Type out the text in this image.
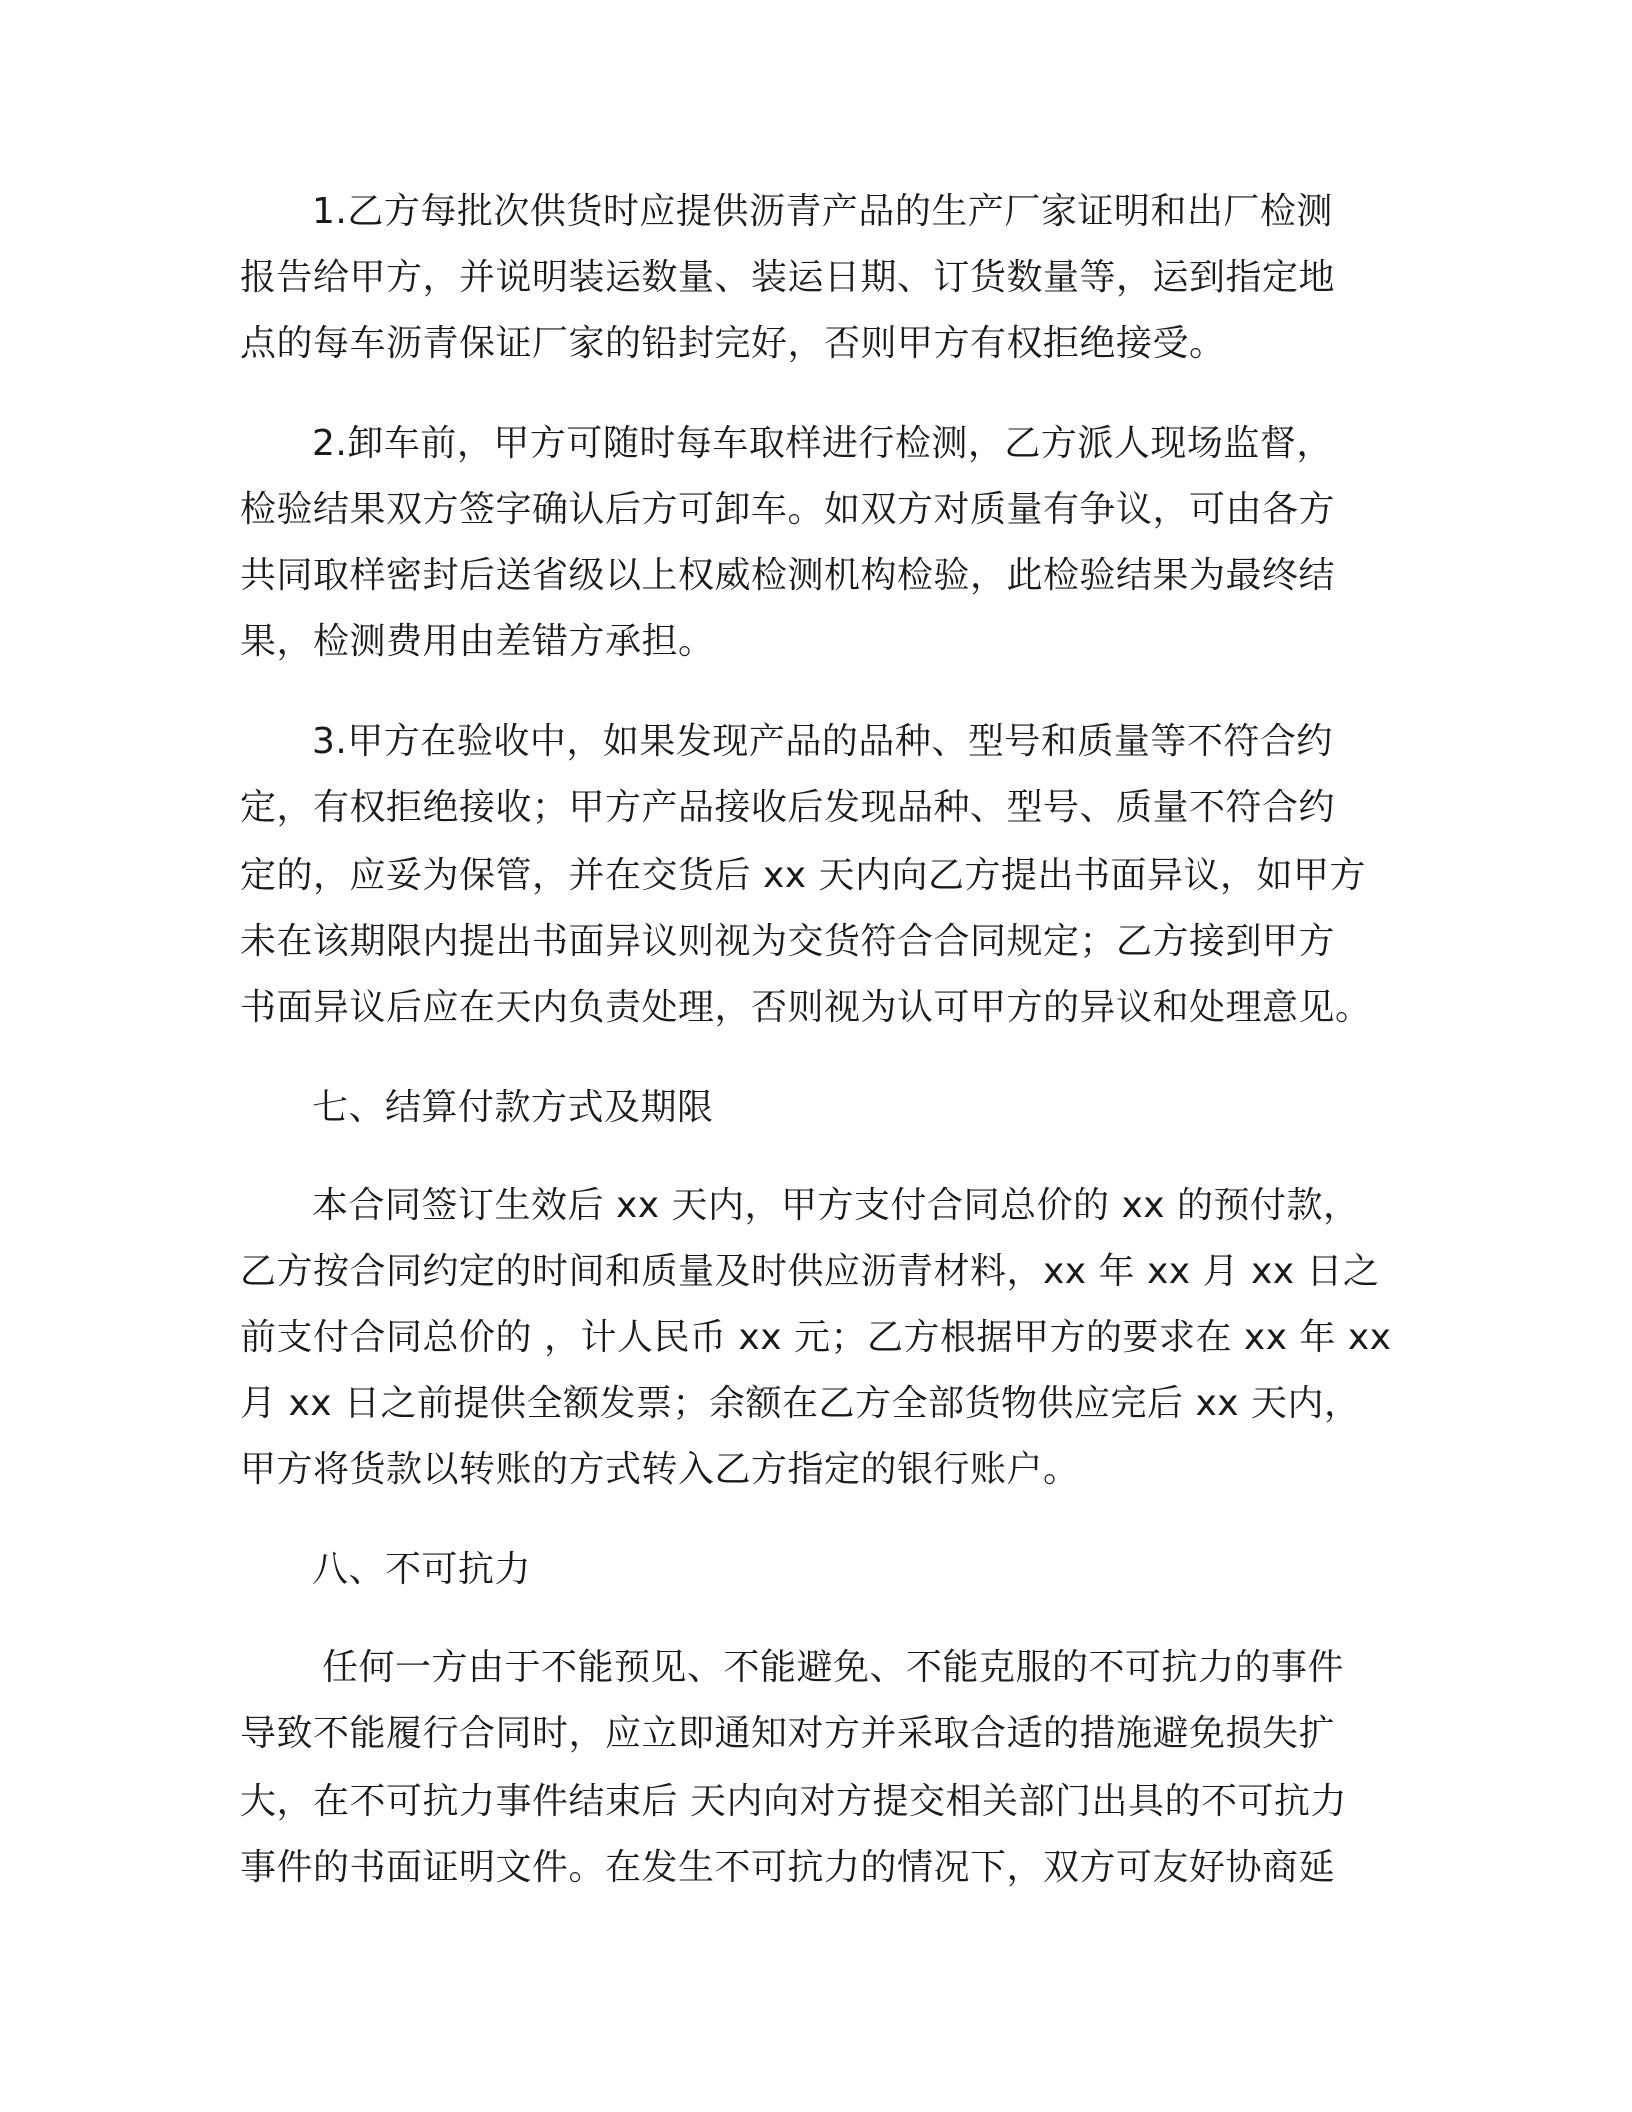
1.乙方每批次供货时应提供沥青产品的生产厂家证明和出厂检测
报告给甲方，并说明装运数量、装运日期、订货数量等，运到指定地
点的每车沥青保证厂家的铅封完好，否则甲方有权拒绝接受。
2.卸车前，甲方可随时每车取样进行检测，乙方派人现场监督，
检验结果双方签字确认后方可卸车。如双方对质量有争议，可由各方
共同取样密封后送省级以上权威检测机构检验，此检验结果为最终结
果，检测费用由差错方承担。
3.甲方在验收中，如果发现产品的品种、型号和质量等不符合约
定，有权拒绝接收；甲方产品接收后发现品种、型号、质量不符合约
定的，应妥为保管，并在交货后 xx 天内向乙方提出书面异议，如甲方
未在该期限内提出书面异议则视为交货符合合同规定；乙方接到甲方
书面异议后应在天内负责处理，否则视为认可甲方的异议和处理意见。
七、结算付款方式及期限
本合同签订生效后 xx 天内，甲方支付合同总价的 xx 的预付款，
乙方按合同约定的时间和质量及时供应沥青材料，xx 年 xx 月 xx 日之
前支付合同总价的 ，计人民币 xx 元；乙方根据甲方的要求在 xx 年 xx
月 xx 日之前提供全额发票；余额在乙方全部货物供应完后 xx 天内，
甲方将货款以转账的方式转入乙方指定的银行账户。
八、不可抗力
任何一方由于不能预见、不能避免、不能克服的不可抗力的事件
导致不能履行合同时，应立即通知对方并采取合适的措施避免损失扩
大，在不可抗力事件结束后 天内向对方提交相关部门出具的不可抗力
事件的书面证明文件。在发生不可抗力的情况下，双方可友好协商延
